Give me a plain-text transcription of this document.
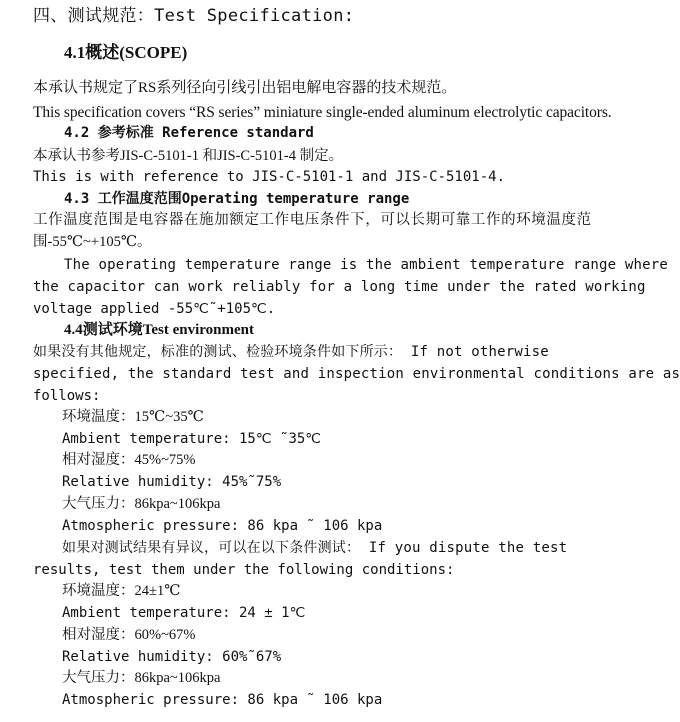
四、测试规范：Test Specification:
4.1概述(SCOPE)
本承认书规定了RS系列径向引线引出铝电解电容器的技术规范。
This specification covers “RS series” miniature single-ended aluminum electrolytic capacitors.
4.2 参考标准 Reference standard
本承认书参考JIS-C-5101-1 和JIS-C-5101-4 制定。
This is with reference to JIS-C-5101-1 and JIS-C-5101-4.
4.3 工作温度范围Operating temperature range
工作温度范围是电容器在施加额定工作电压条件下，可以长期可靠工作的环境温度范
围-55℃~+105℃。
The operating temperature range is the ambient temperature range where
the capacitor can work reliably for a long time under the rated working
voltage applied -55℃˜+105℃.
4.4测试环境Test environment
如果没有其他规定，标准的测试、检验环境条件如下所示： If not otherwise
specified, the standard test and inspection environmental conditions are as
follows:
环境温度：15℃~35℃
Ambient temperature: 15℃ ˜35℃
相对湿度：45%~75%
Relative humidity: 45%˜75%
大气压力：86kpa~106kpa
Atmospheric pressure: 86 kpa ˜ 106 kpa
如果对测试结果有异议，可以在以下条件测试： If you dispute the test
results, test them under the following conditions:
环境温度：24±1℃
Ambient temperature: 24 ± 1℃
相对湿度：60%~67%
Relative humidity: 60%˜67%
大气压力：86kpa~106kpa
Atmospheric pressure: 86 kpa ˜ 106 kpa
